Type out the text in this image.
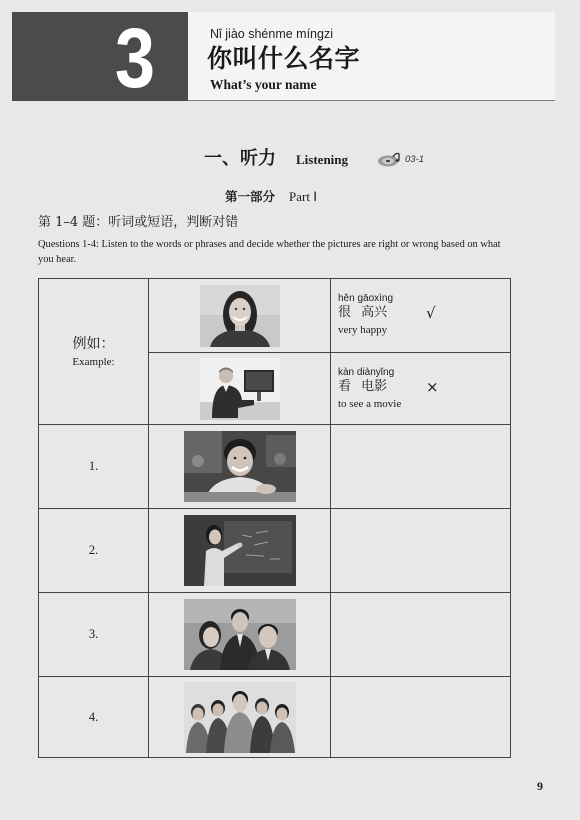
3	Nǐ jiào shénme míngzi
你叫什么名字
What’s your name
一、听力 Listening	03-1
第一部分 Part Ⅰ
第 1–4 题：听词或短语，判断对错
Questions 1-4: Listen to the words or phrases and decide whether the pictures are right or wrong based on what you hear.
例如：
Example:
hěn gāoxìng
很 高兴
very happy
√
kàn diànyǐng
看 电影
to see a movie
×
1.
2.
3.
4.
9
